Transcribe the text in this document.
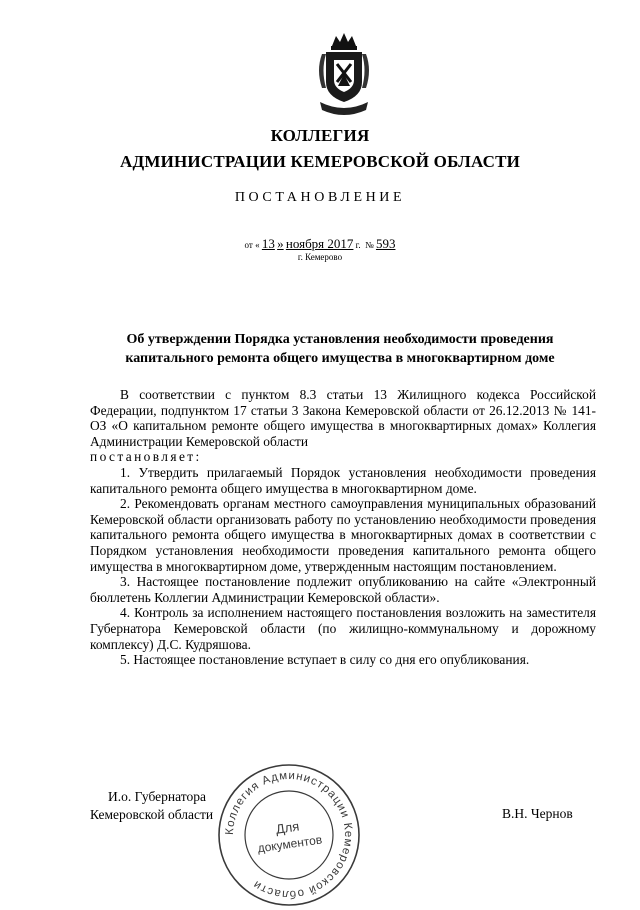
КОЛЛЕГИЯ
АДМИНИСТРАЦИИ КЕМЕРОВСКОЙ ОБЛАСТИ
ПОСТАНОВЛЕНИЕ
от « 13 » ноября 2017 г. № 593
г. Кемерово
Об утверждении Порядка установления необходимости проведения
капитального ремонта общего имущества в многоквартирном доме

В соответствии с пунктом 8.3 статьи 13 Жилищного кодекса Российской Федерации, подпунктом 17 статьи 3 Закона Кемеровской области от 26.12.2013 № 141-ОЗ «О капитальном ремонте общего имущества в многоквартирных домах» Коллегия Администрации Кемеровской области

постановляет:

1. Утвердить прилагаемый Порядок установления необходимости проведения капитального ремонта общего имущества в многоквартирном доме.

2. Рекомендовать органам местного самоуправления муниципальных образований Кемеровской области организовать работу по установлению необходимости проведения капитального ремонта общего имущества в многоквартирных домах в соответствии с Порядком установления необходимости проведения капитального ремонта общего имущества в многоквартирном доме, утвержденным настоящим постановлением.

3. Настоящее постановление подлежит опубликованию на сайте «Электронный бюллетень Коллегии Администрации Кемеровской области».

4. Контроль за исполнением настоящего постановления возложить на заместителя Губернатора Кемеровской области (по жилищно-коммунальному и дорожному комплексу) Д.С. Кудряшова.

5. Настоящее постановление вступает в силу со дня его опубликования.

И.о. Губернатора
Кемеровской области	В.Н. Чернов
Коллегия Администрации Кемеровской области
Для
документов
